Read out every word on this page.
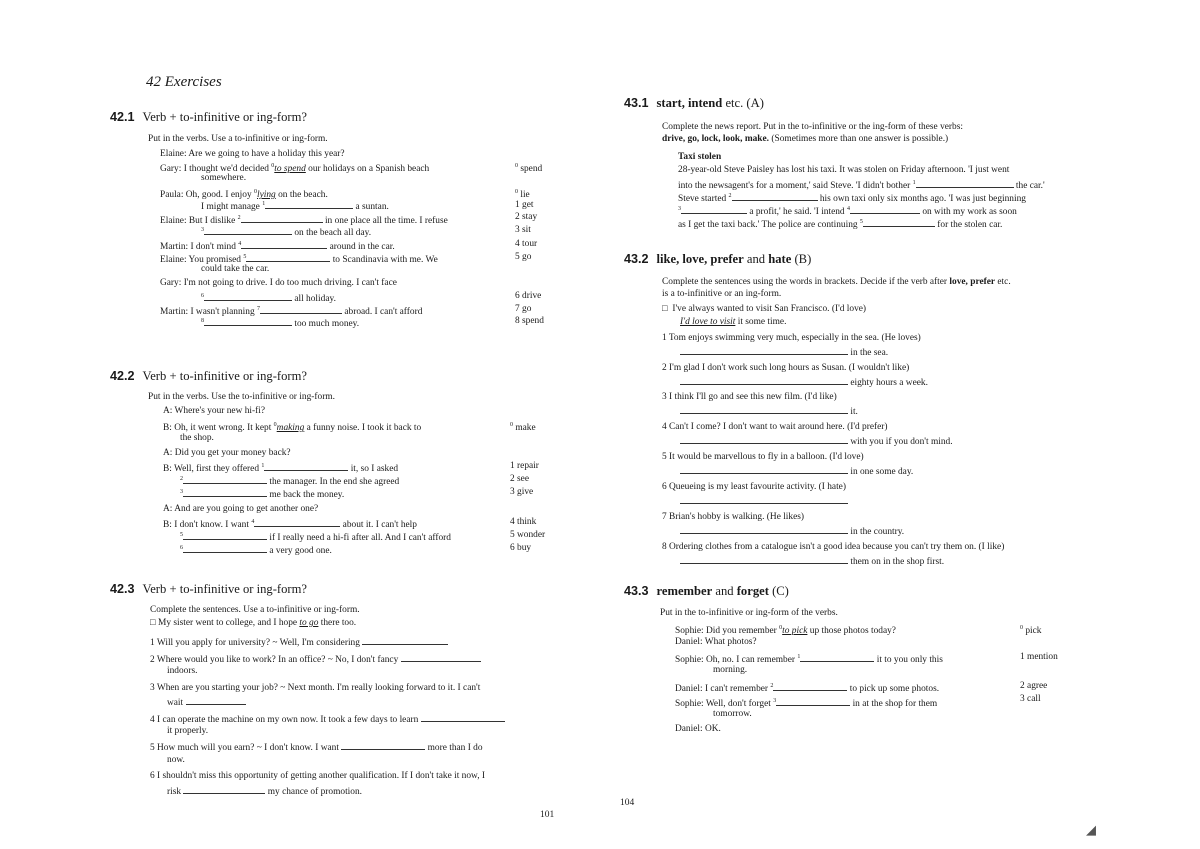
42 Exercises
42.1 Verb + to-infinitive or ing-form?
Put in the verbs. Use a to-infinitive or ing-form.
Elaine: Are we going to have a holiday this year?
Gary: I thought we'd decided $^0$to spend our holidays on a Spanish beach
somewhere.
Paula: Oh, good. I enjoy $^0$lying on the beach.
I might manage $^1$	a suntan.
Elaine: But I dislike $^2$	in one place all the time. I refuse
$^3$	on the beach all day.
Martin: I don't mind $^4$	around in the car.
Elaine: You promised $^5$	to Scandinavia with me. We
could take the car.
Gary: I'm not going to drive. I do too much driving. I can't face
$^6$	all holiday.
Martin: I wasn't planning $^7$	abroad. I can't afford
$^8$	too much money.
$^0$ spend
$^0$ lie
1 get
2 stay
3 sit
4 tour
5 go
6 drive
7 go
8 spend
42.2 Verb + to-infinitive or ing-form?
Put in the verbs. Use the to-infinitive or ing-form.
A: Where's your new hi-fi?
B: Oh, it went wrong. It kept $^0$making a funny noise. I took it back to
the shop.
A: Did you get your money back?
B: Well, first they offered $^1$	it, so I asked
$^2$	the manager. In the end she agreed
$^3$	me back the money.
A: And are you going to get another one?
B: I don't know. I want $^4$	about it. I can't help
$^5$	if I really need a hi-fi after all. And I can't afford
$^6$	a very good one.
$^0$ make
1 repair
2 see
3 give
4 think
5 wonder
6 buy
42.3 Verb + to-infinitive or ing-form?
Complete the sentences. Use a to-infinitive or ing-form.
□ My sister went to college, and I hope to go there too.
1 Will you apply for university? ~ Well, I'm considering
2 Where would you like to work? In an office? ~ No, I don't fancy
indoors.
3 When are you starting your job? ~ Next month. I'm really looking forward to it. I can't
wait
4 I can operate the machine on my own now. It took a few days to learn
it properly.
5 How much will you earn? ~ I don't know. I want	more than I do
now.
6 I shouldn't miss this opportunity of getting another qualification. If I don't take it now, I
risk	my chance of promotion.
101
43.1 start, intend etc. (A)
Complete the news report. Put in the to-infinitive or the ing-form of these verbs:
drive, go, lock, look, make. (Sometimes more than one answer is possible.)
Taxi stolen
28-year-old Steve Paisley has lost his taxi. It was stolen on Friday afternoon. 'I just went
into the newsagent's for a moment,' said Steve. 'I didn't bother $^1$	the car.'
Steve started $^2$	his own taxi only six months ago. 'I was just beginning
$^3$	a profit,' he said. 'I intend $^4$	on with my work as soon
as I get the taxi back.' The police are continuing $^5$	for the stolen car.
43.2 like, love, prefer and hate (B)
Complete the sentences using the words in brackets. Decide if the verb after love, prefer etc.
is a to-infinitive or an ing-form.
□  I've always wanted to visit San Francisco. (I'd love)
I'd love to visit it some time.
1 Tom enjoys swimming very much, especially in the sea. (He loves)
in the sea.
2 I'm glad I don't work such long hours as Susan. (I wouldn't like)
eighty hours a week.
3 I think I'll go and see this new film. (I'd like)
it.
4 Can't I come? I don't want to wait around here. (I'd prefer)
with you if you don't mind.
5 It would be marvellous to fly in a balloon. (I'd love)
in one some day.
6 Queueing is my least favourite activity. (I hate)
7 Brian's hobby is walking. (He likes)
in the country.
8 Ordering clothes from a catalogue isn't a good idea because you can't try them on. (I like)
them on in the shop first.
43.3 remember and forget (C)
Put in the to-infinitive or ing-form of the verbs.
Sophie: Did you remember $^0$to pick up those photos today?
Daniel: What photos?
Sophie: Oh, no. I can remember $^1$	it to you only this
morning.
Daniel: I can't remember $^2$	to pick up some photos.
Sophie: Well, don't forget $^3$	in at the shop for them
tomorrow.
Daniel: OK.
$^0$ pick
1 mention
2 agree
3 call
104
◢
